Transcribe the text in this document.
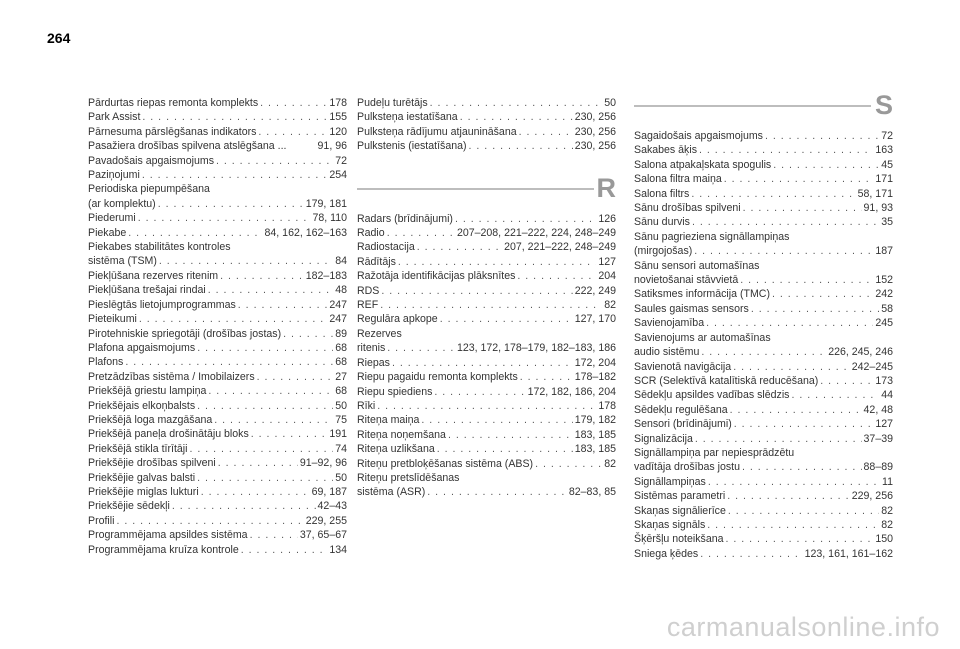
264
Pārdurtas riepas remonta komplekts . . .	178
Park Assist . . .	155
Pārnesuma pārslēgšanas indikators . . .	120
Pasažiera drošības spilvena atslēgšana ...	91, 96
Pavadošais apgaismojums . . .	72
Paziņojumi . . .	254
Periodiska piepumpēšana
(ar komplektu) . . .	179, 181
Piederumi . . .	78, 110
Piekabe . . .	84, 162, 162–163
Piekabes stabilitātes kontroles
sistēma (TSM) . . .	84
Piekļūšana rezerves ritenim . . .	182–183
Piekļūšana trešajai rindai . . .	48
Pieslēgtās lietojumprogrammas . . .	247
Pieteikumi . . .	247
Pirotehniskie spriegotāji (drošības jostas) . . .	89
Plafona apgaismojums . . .	68
Plafons . . .	68
Pretzādzības sistēma / Imobilaizers . . .	27
Priekšējā griestu lampiņa . . .	68
Priekšējais elkoņbalsts . . .	50
Priekšējā loga mazgāšana . . .	75
Priekšējā paneļa drošinātāju bloks . . .	191
Priekšējā stikla tīrītāji . . .	74
Priekšējie drošības spilveni . . .	91–92, 96
Priekšējie galvas balsti . . .	50
Priekšējie miglas lukturi . . .	69, 187
Priekšējie sēdekļi . . .	42–43
Profili . . .	229, 255
Programmējama apsildes sistēma . . .	37, 65–67
Programmējama kruīza kontrole . . .	134
Pudeļu turētājs . . .	50
Pulksteņa iestatīšana . . .	230, 256
Pulksteņa rādījumu atjaunināšana . . .	230, 256
Pulkstenis (iestatīšana) . . .	230, 256
R
Radars (brīdinājumi) . . .	126
Radio . . .	207–208, 221–222, 224, 248–249
Radiostacija . . .	207, 221–222, 248–249
Rādītājs . . .	127
Ražotāja identifikācijas plāksnītes . . .	204
RDS . . .	222, 249
REF . . .	82
Regulāra apkope . . .	127, 170
Rezerves
ritenis . . .	123, 172, 178–179, 182–183, 186
Riepas . . .	172, 204
Riepu pagaidu remonta komplekts . . .	178–182
Riepu spiediens . . .	172, 182, 186, 204
Rīki . . .	178
Riteņa maiņa . . .	179, 182
Riteņa noņemšana . . .	183, 185
Riteņa uzlikšana . . .	183, 185
Riteņu pretbloķēšanas sistēma (ABS) . . .	82
Riteņu pretslīdēšanas
sistēma (ASR) . . .	82–83, 85
S
Sagaidošais apgaismojums . . .	72
Sakabes āķis . . .	163
Salona atpakaļskata spogulis . . .	45
Salona filtra maiņa . . .	171
Salona filtrs . . .	58, 171
Sānu drošības spilveni . . .	91, 93
Sānu durvis . . .	35
Sānu pagrieziena signāllampiņas
(mirgojošas) . . .	187
Sānu sensori automašīnas
novietošanai stāvvietā . . .	152
Satiksmes informācija (TMC) . . .	242
Saules gaismas sensors . . .	58
Savienojamība . . .	245
Savienojums ar automašīnas
audio sistēmu . . .	226, 245, 246
Savienotā navigācija . . .	242–245
SCR (Selektīvā katalītiskā reducēšana) . . .	173
Sēdekļu apsildes vadības slēdzis . . .	44
Sēdekļu regulēšana . . .	42, 48
Sensori (brīdinājumi) . . .	127
Signalizācija . . .	37–39
Signāllampiņa par nepiesprādzētu
vadītāja drošības jostu . . .	88–89
Signāllampiņas . . .	11
Sistēmas parametri . . .	229, 256
Skaņas signālierīce . . .	82
Skaņas signāls . . .	82
Šķēršļu noteikšana . . .	150
Sniega ķēdes . . .	123, 161, 161–162
carmanualsonline.info
